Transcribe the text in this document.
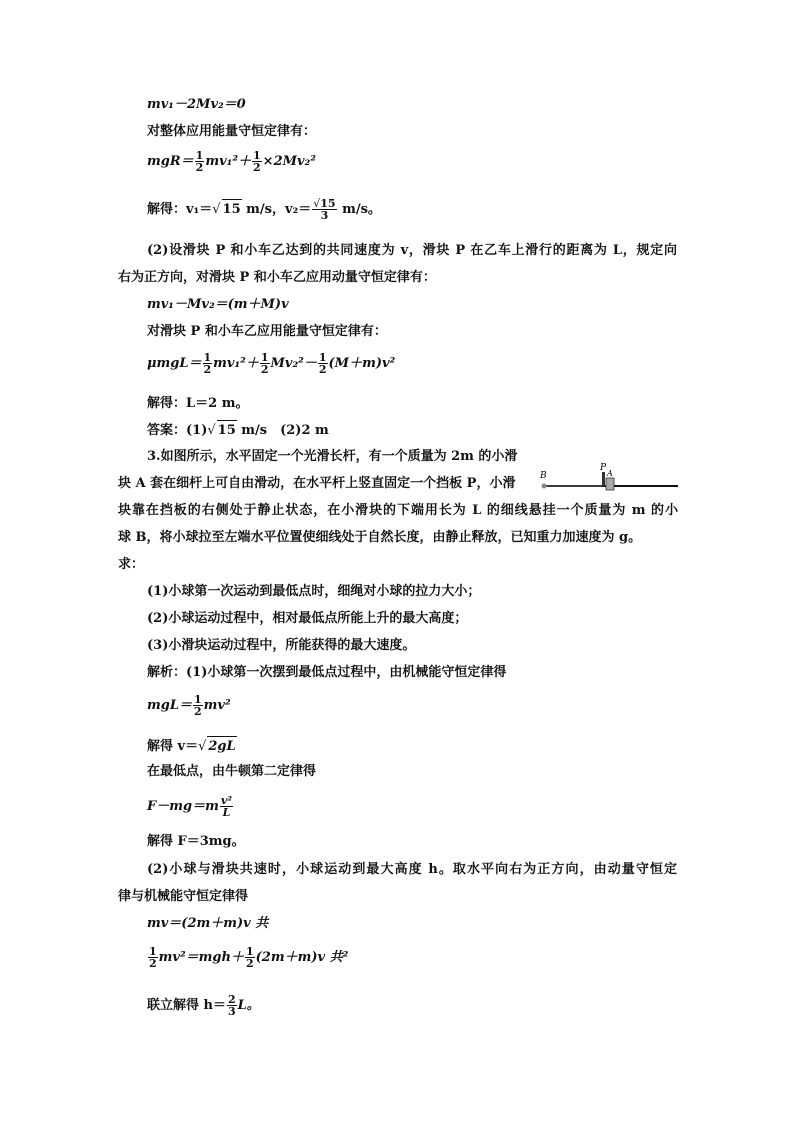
mv₁－2Mv₂＝0
对整体应用能量守恒定律有：
$mgR= \frac{1}{2} mv_1^2+ \frac{1}{2} \times 2Mv_2^2$
解得：v₁＝√ 15 m/s，$v_2= \frac{√15}{3} m/s$。
(2)设滑块 P 和小车乙达到的共同速度为 v，滑块 P 在乙车上滑行的距离为 L，规定向
右为正方向，对滑块 P 和小车乙应用动量守恒定律有：
mv₁－Mv₂＝(m＋M)v
对滑块 P 和小车乙应用能量守恒定律有：
$\mu mgL= \frac{1}{2} mv_1^2+ \frac{1}{2} Mv_2^2- \frac{1}{2} (M+m)v^2$
解得：L＝2 m。
答案：(1)√ 15 m/s　(2)2 m
3.如图所示，水平固定一个光滑长杆，有一个质量为 2m 的小滑
块 A 套在细杆上可自由滑动，在水平杆上竖直固定一个挡板 P，小滑
块靠在挡板的右侧处于静止状态，在小滑块的下端用长为 L 的细线悬挂一个质量为 m 的小
球 B，将小球拉至左端水平位置使细线处于自然长度，由静止释放，已知重力加速度为 g。
求：
(1)小球第一次运动到最低点时，细绳对小球的拉力大小；
(2)小球运动过程中，相对最低点所能上升的最大高度；
(3)小滑块运动过程中，所能获得的最大速度。
解析：(1)小球第一次摆到最低点过程中，由机械能守恒定律得
$mgL= \frac{1}{2} mv^2$
解得 v＝√ 2gL
在最低点，由牛顿第二定律得
$F-mg=m \frac{\text{v²}}{L}$
解得 F＝3mg。
(2)小球与滑块共速时，小球运动到最大高度 h。取水平向右为正方向，由动量守恒定
律与机械能守恒定律得
mv＝(2m＋m)v 共
$\frac{1}{2} mv^2=mgh+ \frac{1}{2} (2m+m)v$ 共²
联立解得 $h= \frac{2}{3}$ L。
B
P
A
